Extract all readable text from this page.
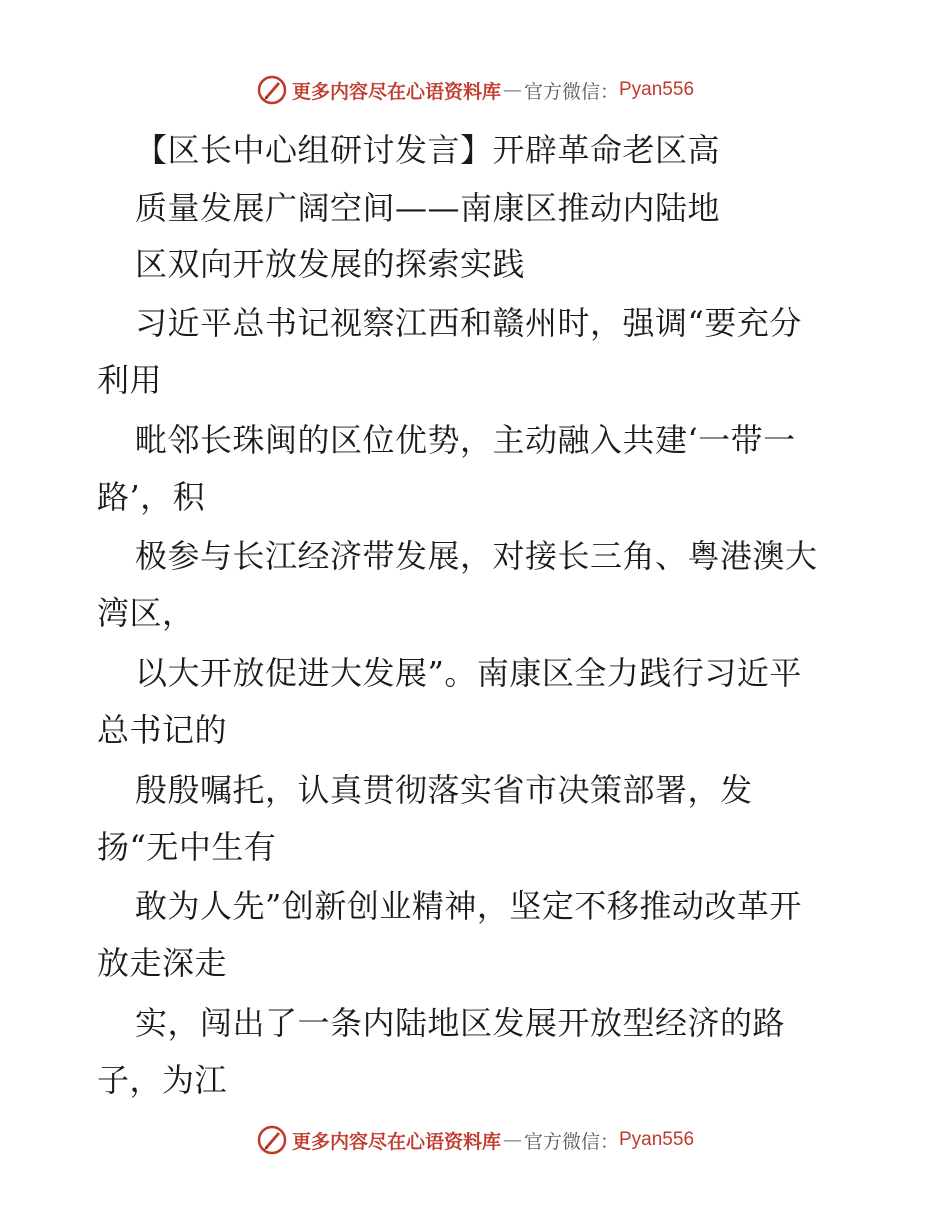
更多内容尽在心语资料库 — 官方微信： Pyan556
【区长中心组研讨发言】开辟革命老区高
质量发展广阔空间——南康区推动内陆地
区双向开放发展的探索实践
习近平总书记视察江西和赣州时，强调“要充分
利用
毗邻长珠闽的区位优势，主动融入共建‘一带一
路’，积
极参与长江经济带发展，对接长三角、粤港澳大
湾区，
以大开放促进大发展”。南康区全力践行习近平
总书记的
殷殷嘱托，认真贯彻落实省市决策部署，发
扬“无中生有
敢为人先”创新创业精神，坚定不移推动改革开
放走深走
实，闯出了一条内陆地区发展开放型经济的路
子，为江
更多内容尽在心语资料库 — 官方微信： Pyan556
